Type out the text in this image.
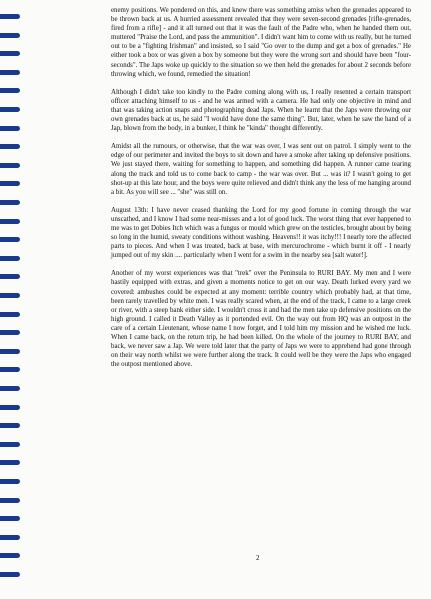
enemy positions. We pondered on this, and knew there was something amiss when the grenades appeared to be thrown back at us. A hurried assessment revealed that they were seven-second grenades [rifle-grenades, fired from a rifle] - and it all turned out that it was the fault of the Padre who, when he handed them out, muttered "Praise the Lord, and pass the ammunition". I didn't want him to come with us really, but he turned out to be a "fighting Irishman" and insisted, so I said "Go over to the dump and get a box of grenades." He either took a box or was given a box by someone but they were the wrong sort and should have been "four-seconds". The Japs woke up quickly to the situation so we then held the grenades for about 2 seconds before throwing which, we found, remedied the situation!

Although I didn't take too kindly to the Padre coming along with us, I really resented a certain transport officer attaching himself to us - and he was armed with a camera. He had only one objective in mind and that was taking action snaps and photographing dead Japs. When he learnt that the Japs were throwing our own grenades back at us, he said "I would have done the same thing". But, later, when he saw the hand of a Jap, blown from the body, in a bunker, I think he "kinda" thought differently.

Amidst all the rumours, or otherwise, that the war was over, I was sent out on patrol. I simply went to the edge of our perimeter and invited the boys to sit down and have a smoke after taking up defensive positions. We just stayed there, waiting for something to happen, and something did happen. A runner came tearing along the track and told us to come back to camp - the war was over. But ... was it? I wasn't going to get shot-up at this late hour, and the boys were quite relieved and didn't think any the less of me hanging around a bit. As you will see ... "she" was still on.

August 13th: I have never ceased thanking the Lord for my good fortune in coming through the war unscathed, and I know I had some near-misses and a lot of good luck. The worst thing that ever happened to me was to get Dobies Itch which was a fungus or mould which grew on the testicles, brought about by being so long in the humid, sweaty conditions without washing. Heavens!! it was itchy!!! I nearly tore the affected parts to pieces. And when I was treated, back at base, with mercurochrome - which burnt it off - I nearly jumped out of my skin .... particularly when I went for a swim in the nearby sea [salt water!].

Another of my worst experiences was that "trek" over the Peninsula to RURI BAY. My men and I were hastily equipped with extras, and given a moments notice to get on our way. Death lurked every yard we covered: ambushes could be expected at any moment: terrible country which probably had, at that time, been rarely travelled by white men. I was really scared when, at the end of the track, I came to a large creek or river, with a steep bank either side. I wouldn't cross it and had the men take up defensive positions on the high ground. I called it Death Valley as it portended evil. On the way out from HQ was an outpost in the care of a certain Lieutenant, whose name I now forget, and I told him my mission and he wished me luck. When I came back, on the return trip, he had been killed. On the whole of the journey to RURI BAY, and back, we never saw a Jap. We were told later that the party of Japs we were to apprehend had gone through on their way north whilst we were further along the track. It could well be they were the Japs who engaged the outpost mentioned above.

2
